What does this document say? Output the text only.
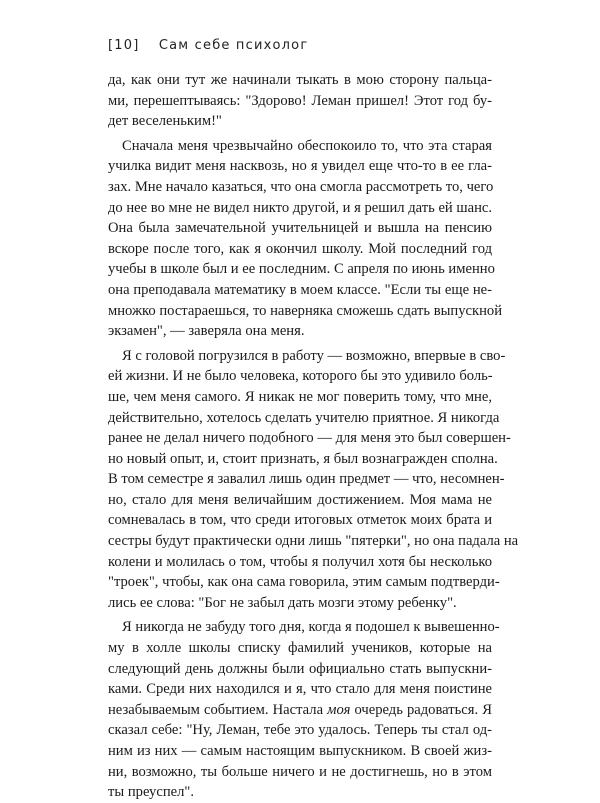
[10] Сам себе психолог
да, как они тут же начинали тыкать в мою сторону пальца-
ми, перешептываясь: "Здорово! Леман пришел! Этот год бу-
дет веселеньким!"
Сначала меня чрезвычайно обеспокоило то, что эта старая
училка видит меня насквозь, но я увидел еще что-то в ее гла-
зах. Мне начало казаться, что она смогла рассмотреть то, чего
до нее во мне не видел никто другой, и я решил дать ей шанс.
Она была замечательной учительницей и вышла на пенсию
вскоре после того, как я окончил школу. Мой последний год
учебы в школе был и ее последним. С апреля по июнь именно
она преподавала математику в моем классе. "Если ты еще не-
множко постараешься, то наверняка сможешь сдать выпускной
экзамен", — заверяла она меня.
Я с головой погрузился в работу — возможно, впервые в сво-
ей жизни. И не было человека, которого бы это удивило боль-
ше, чем меня самого. Я никак не мог поверить тому, что мне,
действительно, хотелось сделать учителю приятное. Я никогда
ранее не делал ничего подобного — для меня это был совершен-
но новый опыт, и, стоит признать, я был вознагражден сполна.
В том семестре я завалил лишь один предмет — что, несомнен-
но, стало для меня величайшим достижением. Моя мама не
сомневалась в том, что среди итоговых отметок моих брата и
сестры будут практически одни лишь "пятерки", но она падала на
колени и молилась о том, чтобы я получил хотя бы несколько
"троек", чтобы, как она сама говорила, этим самым подтверди-
лись ее слова: "Бог не забыл дать мозги этому ребенку".
Я никогда не забуду того дня, когда я подошел к вывешенно-
му в холле школы списку фамилий учеников, которые на
следующий день должны были официально стать выпускни-
ками. Среди них находился и я, что стало для меня поистине
незабываемым событием. Настала моя очередь радоваться. Я
сказал себе: "Ну, Леман, тебе это удалось. Теперь ты стал од-
ним из них — самым настоящим выпускником. В своей жиз-
ни, возможно, ты больше ничего и не достигнешь, но в этом
ты преуспел".
